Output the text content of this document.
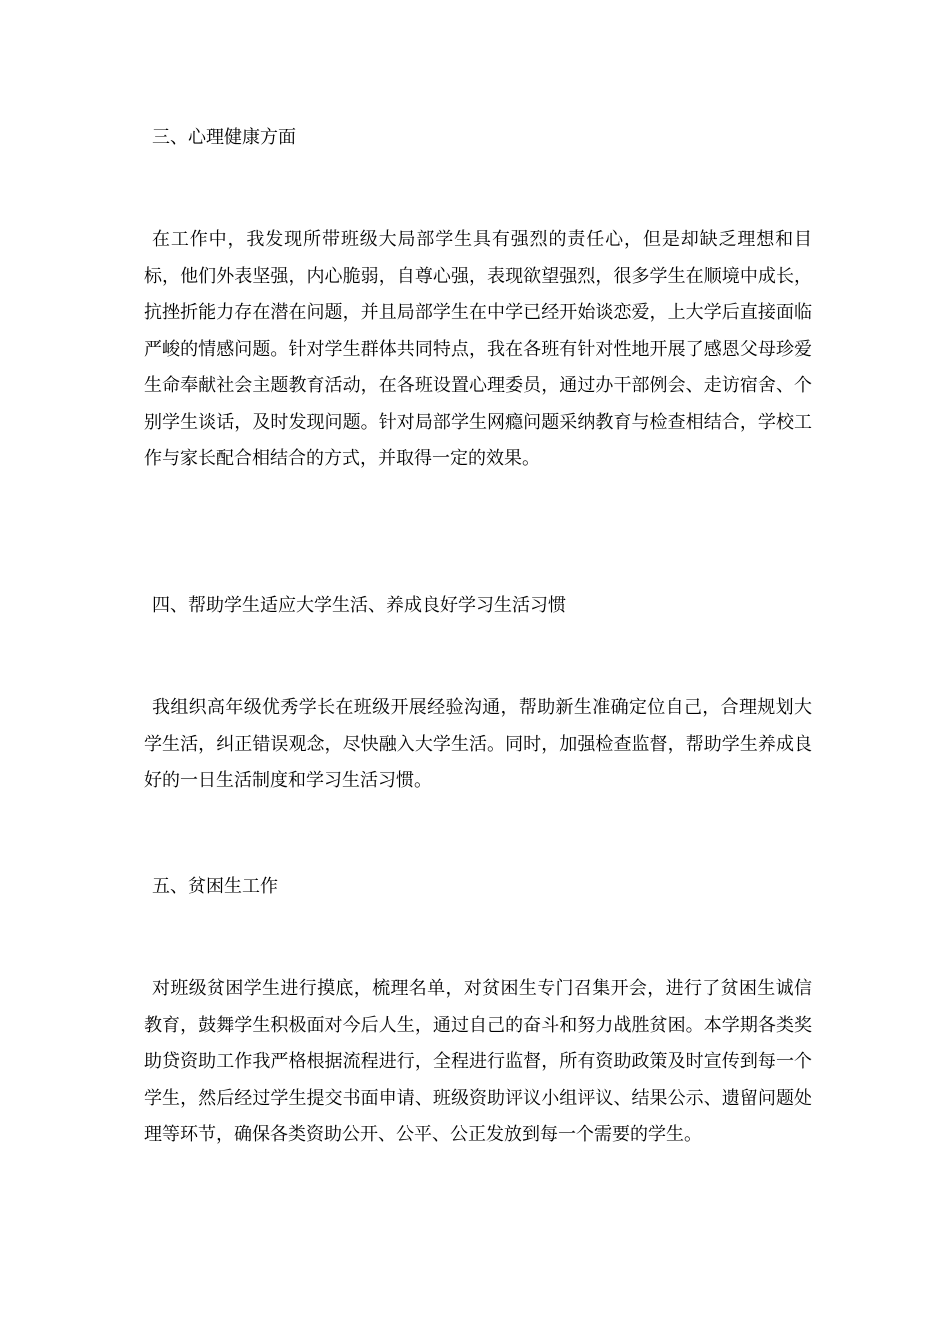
三、心理健康方面

在工作中，我发现所带班级大局部学生具有强烈的责任心，但是却缺乏理想和目标，他们外表坚强，内心脆弱，自尊心强，表现欲望强烈，很多学生在顺境中成长，抗挫折能力存在潜在问题，并且局部学生在中学已经开始谈恋爱，上大学后直接面临严峻的情感问题。针对学生群体共同特点，我在各班有针对性地开展了感恩父母珍爱生命奉献社会主题教育活动，在各班设置心理委员，通过办干部例会、走访宿舍、个别学生谈话，及时发现问题。针对局部学生网瘾问题采纳教育与检查相结合，学校工作与家长配合相结合的方式，并取得一定的效果。

四、帮助学生适应大学生活、养成良好学习生活习惯

我组织高年级优秀学长在班级开展经验沟通，帮助新生准确定位自己，合理规划大学生活，纠正错误观念，尽快融入大学生活。同时，加强检查监督，帮助学生养成良好的一日生活制度和学习生活习惯。

五、贫困生工作

对班级贫困学生进行摸底，梳理名单，对贫困生专门召集开会，进行了贫困生诚信教育，鼓舞学生积极面对今后人生，通过自己的奋斗和努力战胜贫困。本学期各类奖助贷资助工作我严格根据流程进行，全程进行监督，所有资助政策及时宣传到每一个学生，然后经过学生提交书面申请、班级资助评议小组评议、结果公示、遗留问题处理等环节，确保各类资助公开、公平、公正发放到每一个需要的学生。
